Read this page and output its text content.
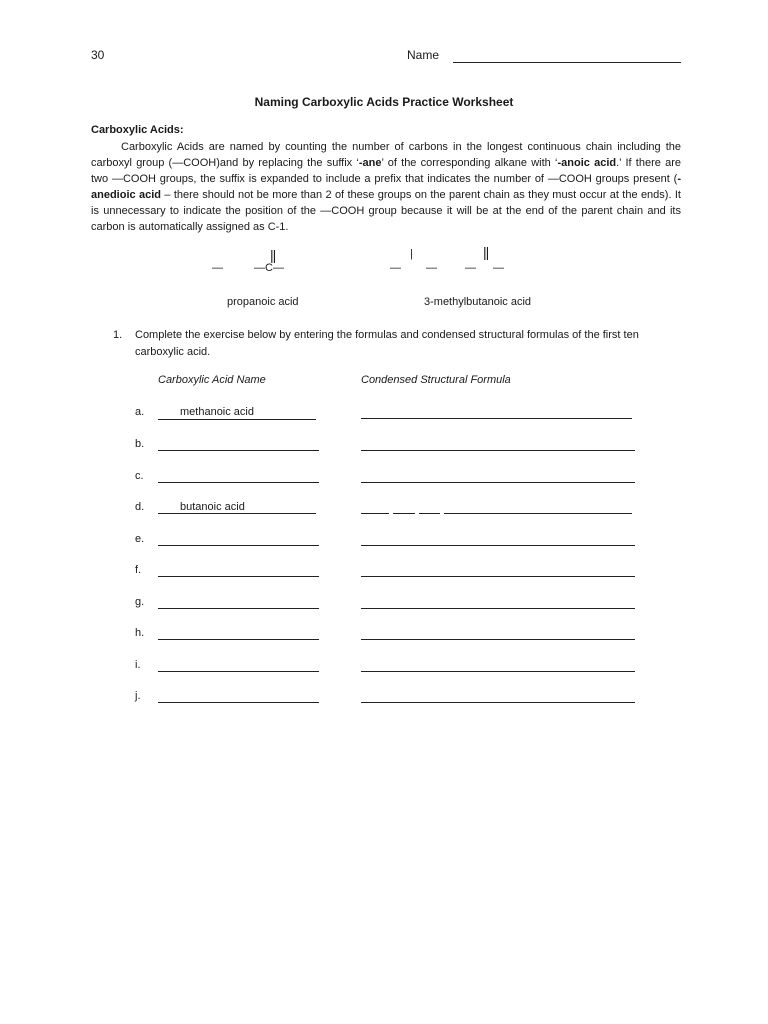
30	Name
Naming Carboxylic Acids Practice Worksheet
Carboxylic Acids:
Carboxylic Acids are named by counting the number of carbons in the longest continuous chain including the carboxyl group (—COOH)and by replacing the suffix ‘-ane’ of the corresponding alkane with ‘-anoic acid.’ If there are two —COOH groups, the suffix is expanded to include a prefix that indicates the number of —COOH groups present (-anedioic acid – there should not be more than 2 of these groups on the parent chain as they must occur at the ends). It is unnecessary to indicate the position of the —COOH group because it will be at the end of the parent chain and its carbon is automatically assigned as C-1.
—
||
—C—
propanoic acid
|	||
— —	— —
3-methylbutanoic acid
1. Complete the exercise below by entering the formulas and condensed structural formulas of the first ten carboxylic acid.
Carboxylic Acid Name	Condensed Structural Formula
a.	methanoic acid
b.
c.
d.	butanoic acid
e.
f.
g.
h.
i.
j.
